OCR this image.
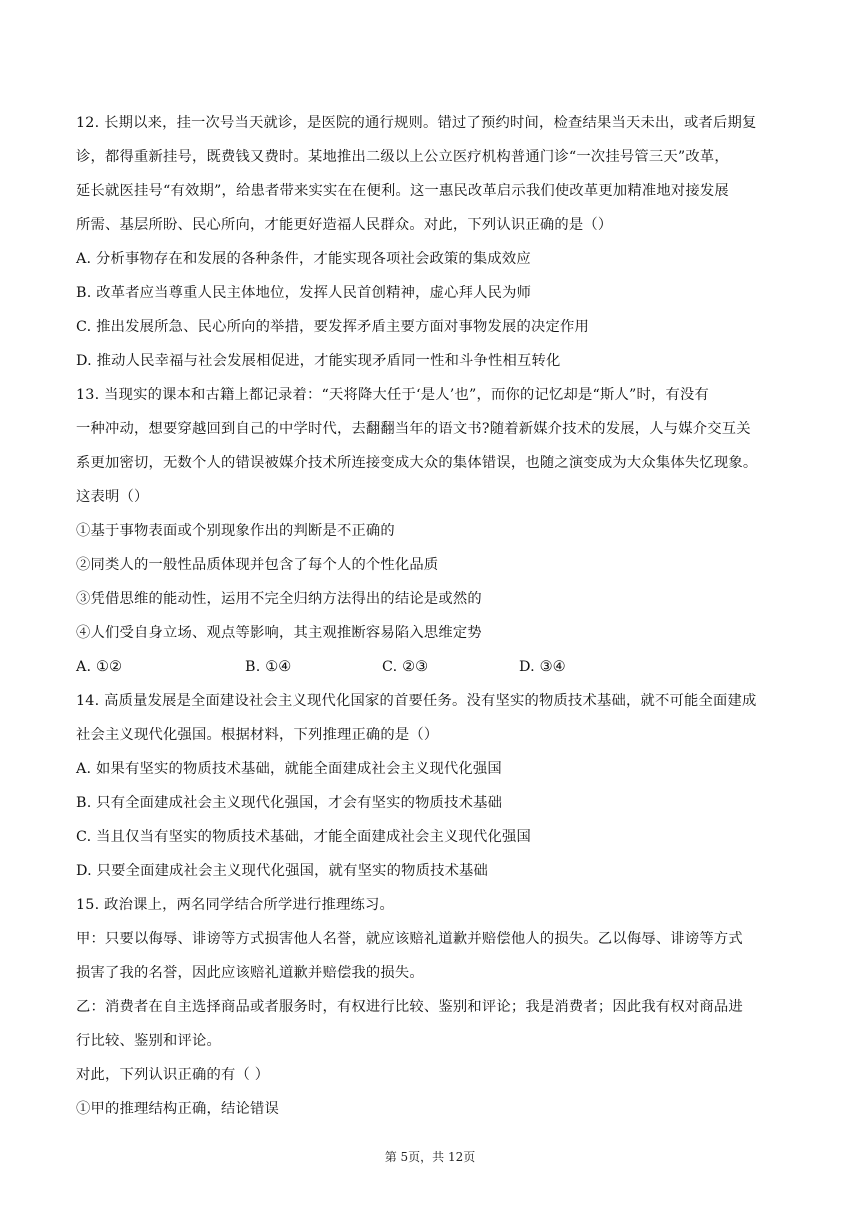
12. 长期以来，挂一次号当天就诊，是医院的通行规则。错过了预约时间，检查结果当天未出，或者后期复
诊，都得重新挂号，既费钱又费时。某地推出二级以上公立医疗机构普通门诊“一次挂号管三天”改革，
延长就医挂号“有效期”，给患者带来实实在在便利。这一惠民改革启示我们使改革更加精准地对接发展
所需、基层所盼、民心所向，才能更好造福人民群众。对此，下列认识正确的是（）
A. 分析事物存在和发展的各种条件，才能实现各项社会政策的集成效应
B. 改革者应当尊重人民主体地位，发挥人民首创精神，虚心拜人民为师
C. 推出发展所急、民心所向的举措，要发挥矛盾主要方面对事物发展的决定作用
D. 推动人民幸福与社会发展相促进，才能实现矛盾同一性和斗争性相互转化
13. 当现实的课本和古籍上都记录着：“天将降大任于‘是人’也”，而你的记忆却是“斯人”时，有没有
一种冲动，想要穿越回到自己的中学时代，去翻翻当年的语文书?随着新媒介技术的发展，人与媒介交互关
系更加密切，无数个人的错误被媒介技术所连接变成大众的集体错误，也随之演变成为大众集体失忆现象。
这表明（）
①基于事物表面或个别现象作出的判断是不正确的
②同类人的一般性品质体现并包含了每个人的个性化品质
③凭借思维的能动性，运用不完全归纳方法得出的结论是或然的
④人们受自身立场、观点等影响，其主观推断容易陷入思维定势
A. ①②	B. ①④	C. ②③	D. ③④
14. 高质量发展是全面建设社会主义现代化国家的首要任务。没有坚实的物质技术基础，就不可能全面建成
社会主义现代化强国。根据材料，下列推理正确的是（）
A. 如果有坚实的物质技术基础，就能全面建成社会主义现代化强国
B. 只有全面建成社会主义现代化强国，才会有坚实的物质技术基础
C. 当且仅当有坚实的物质技术基础，才能全面建成社会主义现代化强国
D. 只要全面建成社会主义现代化强国，就有坚实的物质技术基础
15. 政治课上，两名同学结合所学进行推理练习。
甲：只要以侮辱、诽谤等方式损害他人名誉，就应该赔礼道歉并赔偿他人的损失。乙以侮辱、诽谤等方式
损害了我的名誉，因此应该赔礼道歉并赔偿我的损失。
乙：消费者在自主选择商品或者服务时，有权进行比较、鉴别和评论；我是消费者；因此我有权对商品进
行比较、鉴别和评论。
对此，下列认识正确的有（ ）
①甲的推理结构正确，结论错误
第 5页，共 12页
